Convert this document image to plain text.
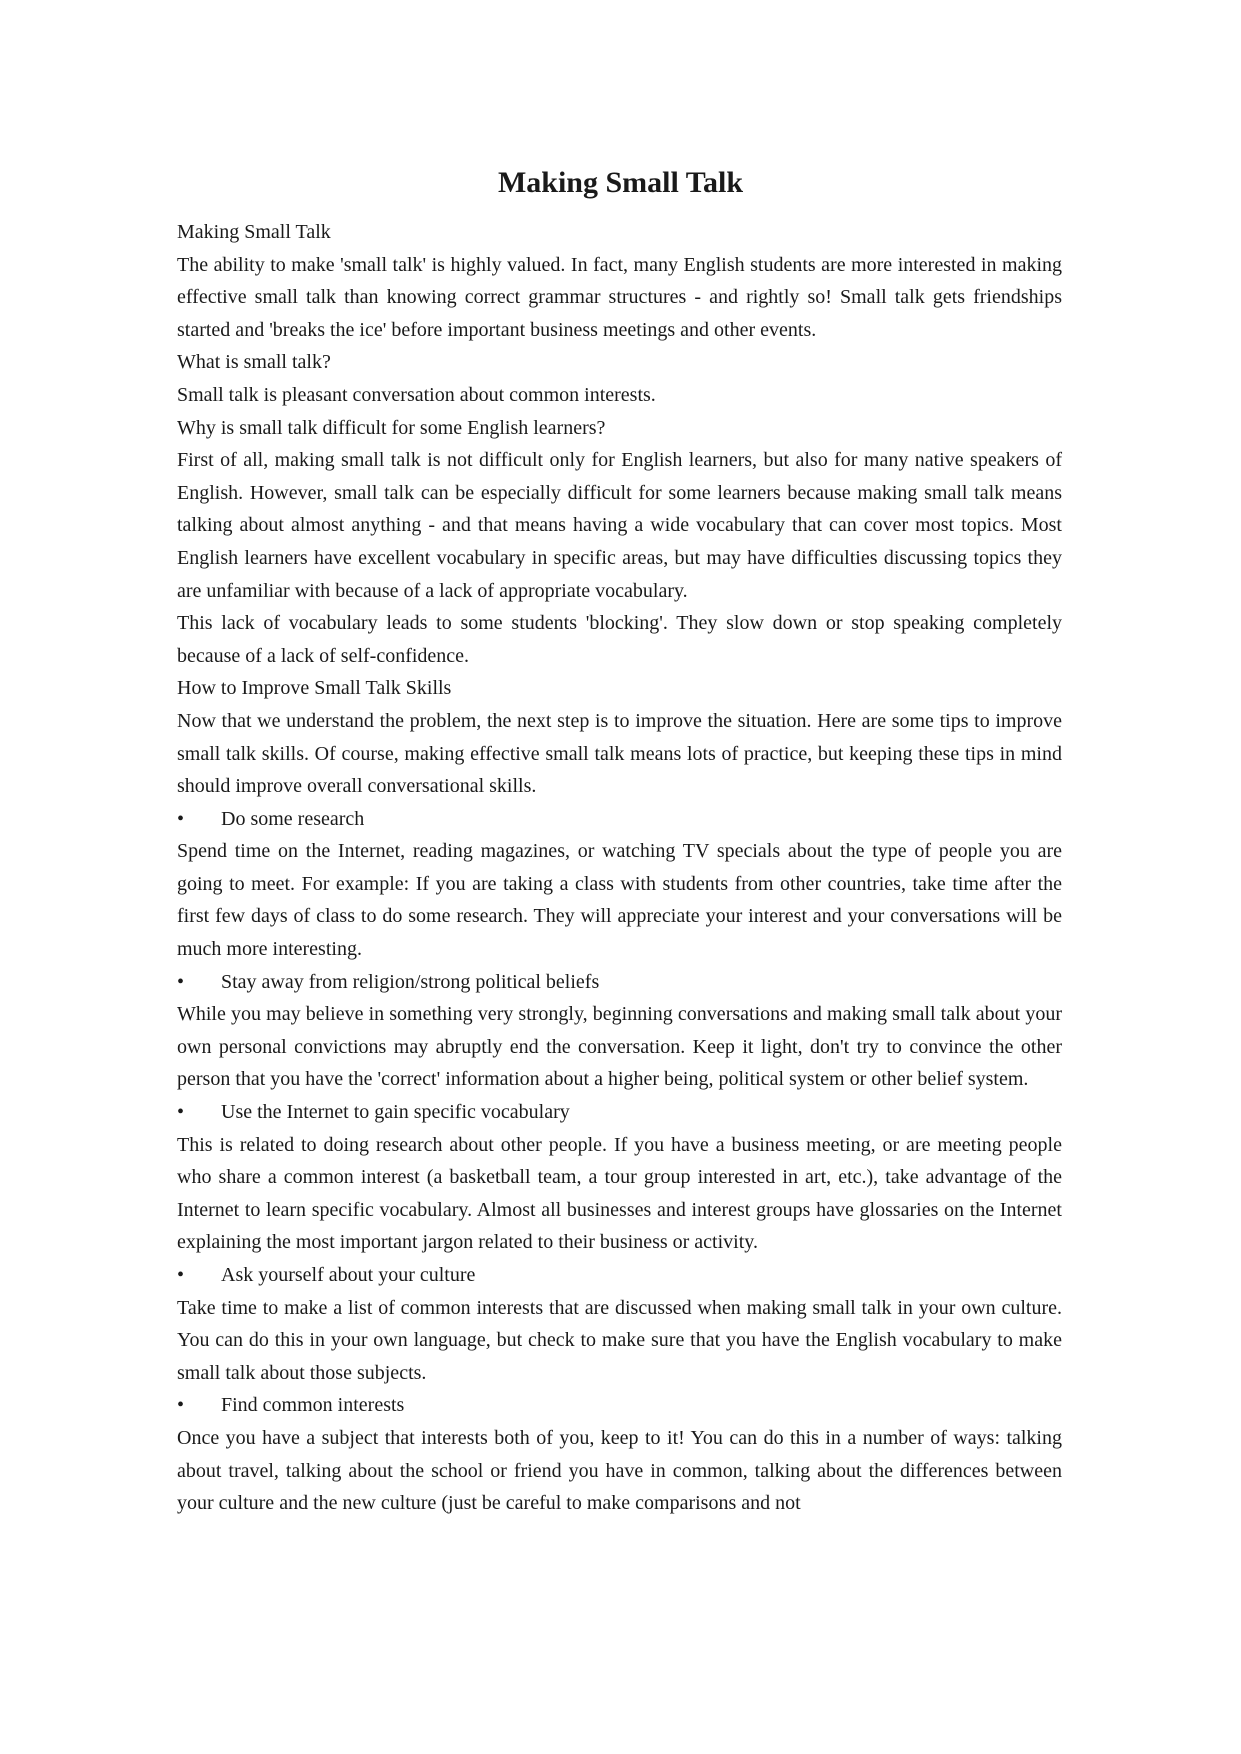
Making Small Talk

Making Small Talk

The ability to make 'small talk' is highly valued. In fact, many English students are more interested in making effective small talk than knowing correct grammar structures - and rightly so! Small talk gets friendships started and 'breaks the ice' before important business meetings and other events.

What is small talk?

Small talk is pleasant conversation about common interests.

Why is small talk difficult for some English learners?

First of all, making small talk is not difficult only for English learners, but also for many native speakers of English. However, small talk can be especially difficult for some learners because making small talk means talking about almost anything - and that means having a wide vocabulary that can cover most topics. Most English learners have excellent vocabulary in specific areas, but may have difficulties discussing topics they are unfamiliar with because of a lack of appropriate vocabulary.

This lack of vocabulary leads to some students 'blocking'. They slow down or stop speaking completely because of a lack of self-confidence.

How to Improve Small Talk Skills

Now that we understand the problem, the next step is to improve the situation. Here are some tips to improve small talk skills. Of course, making effective small talk means lots of practice, but keeping these tips in mind should improve overall conversational skills.

• Do some research

Spend time on the Internet, reading magazines, or watching TV specials about the type of people you are going to meet. For example: If you are taking a class with students from other countries, take time after the first few days of class to do some research. They will appreciate your interest and your conversations will be much more interesting.

• Stay away from religion/strong political beliefs

While you may believe in something very strongly, beginning conversations and making small talk about your own personal convictions may abruptly end the conversation. Keep it light, don't try to convince the other person that you have the 'correct' information about a higher being, political system or other belief system.

• Use the Internet to gain specific vocabulary

This is related to doing research about other people. If you have a business meeting, or are meeting people who share a common interest (a basketball team, a tour group interested in art, etc.), take advantage of the Internet to learn specific vocabulary. Almost all businesses and interest groups have glossaries on the Internet explaining the most important jargon related to their business or activity.

• Ask yourself about your culture

Take time to make a list of common interests that are discussed when making small talk in your own culture. You can do this in your own language, but check to make sure that you have the English vocabulary to make small talk about those subjects.

• Find common interests

Once you have a subject that interests both of you, keep to it! You can do this in a number of ways: talking about travel, talking about the school or friend you have in common, talking about the differences between your culture and the new culture (just be careful to make comparisons and not
